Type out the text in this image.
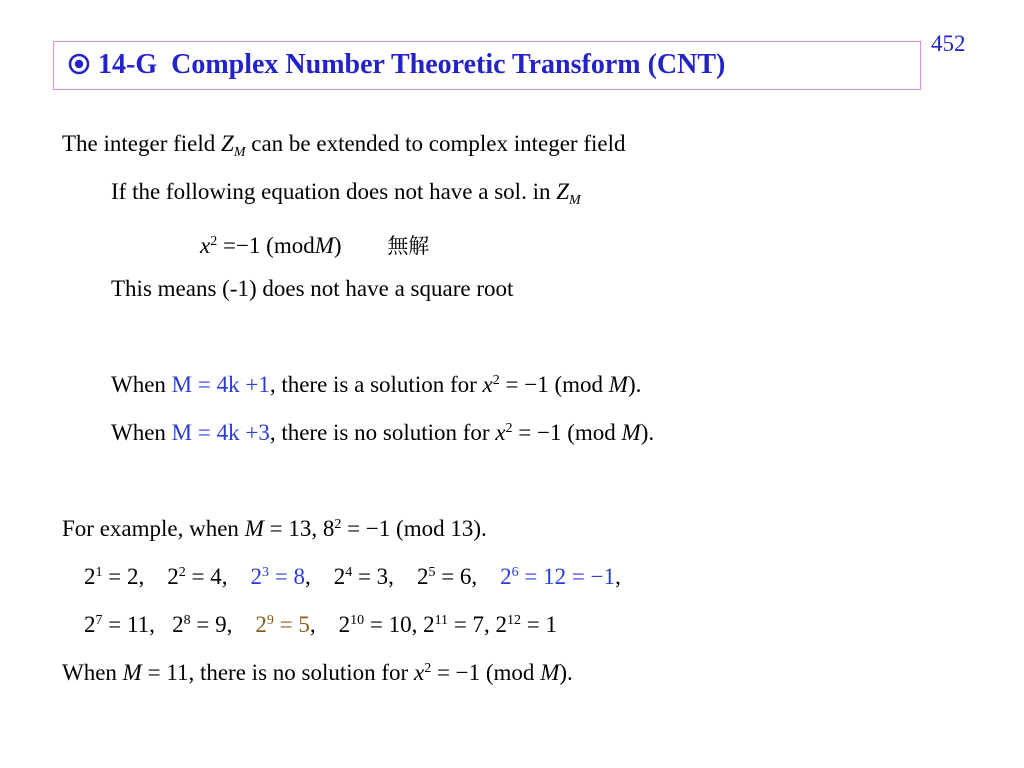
452
14-G Complex Number Theoretic Transform (CNT)
The integer field $Z_M$ can be extended to complex integer field
If the following equation does not have a sol. in $Z_M$
$x^2 =-1$ (modM) 無解
This means (-1) does not have a square root
When M = 4k +1, there is a solution for $x^2 = -1$ (mod M).
When M = 4k +3, there is no solution for $x^2 = -1$ (mod M).
For example, when M = 13, $8^2 = -1$ (mod 13).
$2^1 = 2$, $2^2 = 4$, $2^3 = 8$,    $2^4 = 3$, $2^5 = 6$, $2^6 = 12 = -1$,
$2^7 = 11$, $2^8 = 9$, $2^9 = 5$,    $2^{10} = 10$, $2^{11} = 7$, $2^{12} = 1$
When M = 11, there is no solution for $x^2 = -1$ (mod M).
